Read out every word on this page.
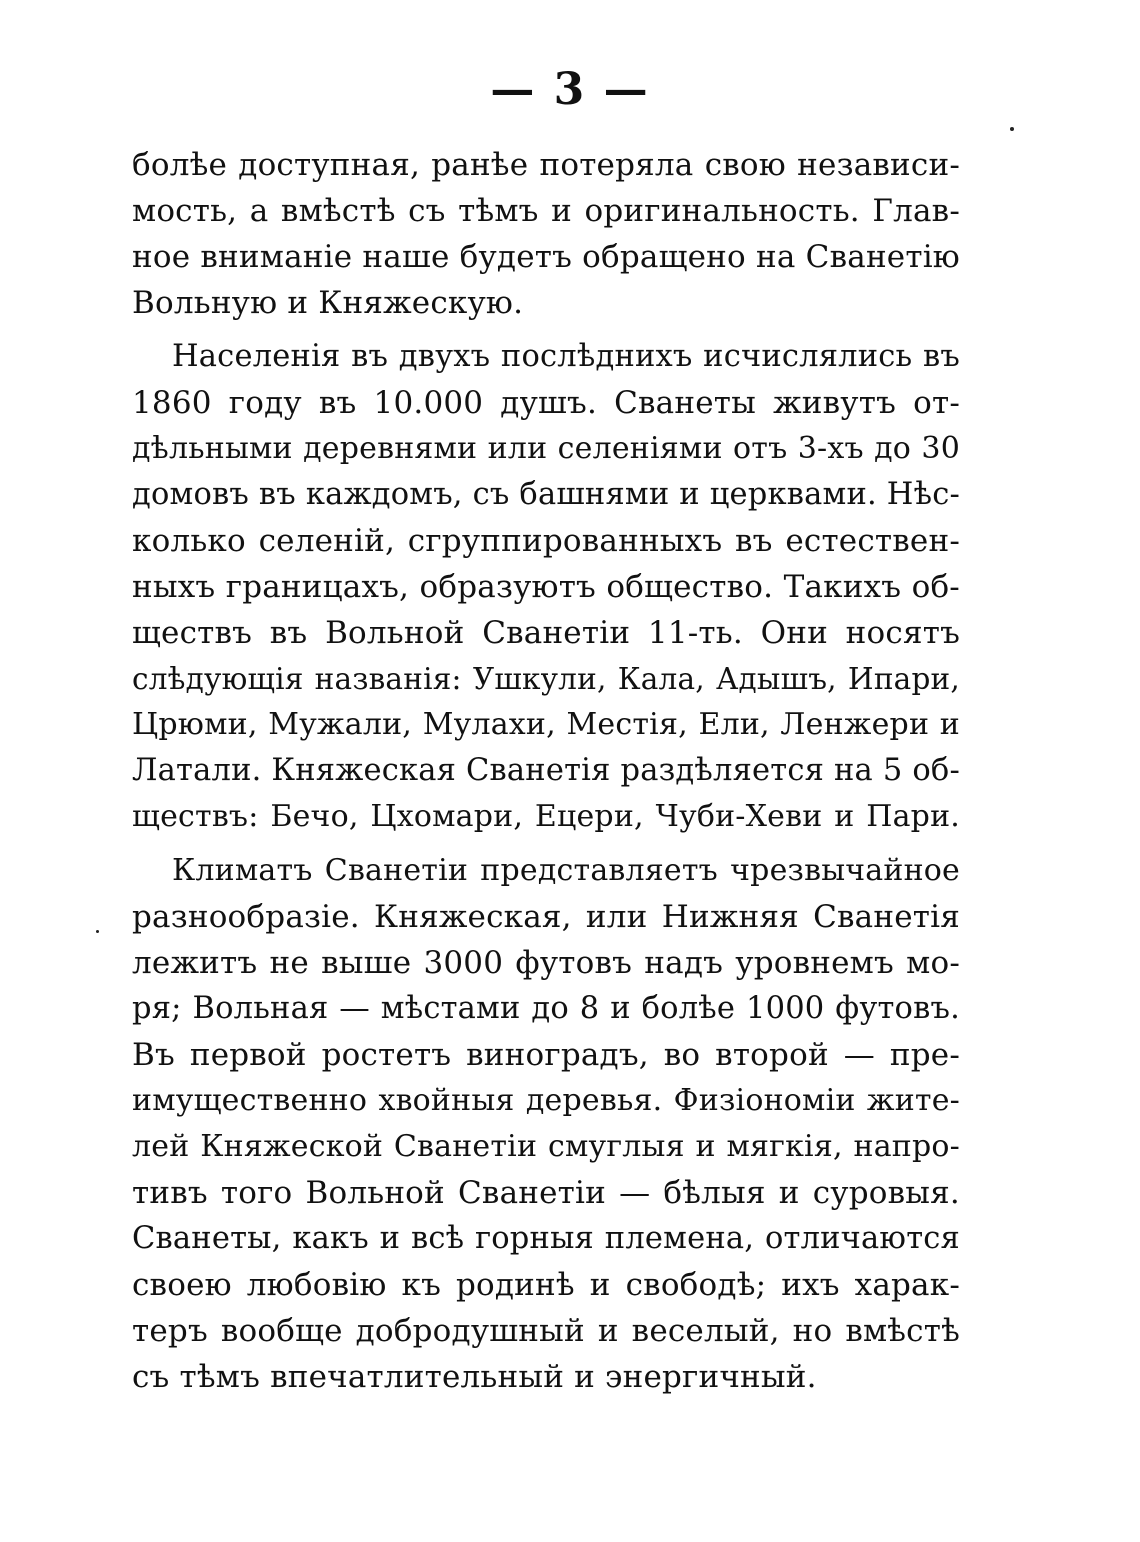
— 3 —
болѣе доступная, ранѣе потеряла свою независи-
мость, а вмѣстѣ съ тѣмъ и оригинальность. Глав-
ное вниманіе наше будетъ обращено на Сванетію
Вольную и Княжескую.
Населенія въ двухъ послѣднихъ исчислялись въ
1860 году въ 10.000 душъ. Сванеты живутъ от-
дѣльными деревнями или селеніями отъ 3-хъ до 30
домовъ въ каждомъ, съ башнями и церквами. Нѣс-
колько селеній, сгруппированныхъ въ естествен-
ныхъ границахъ, образуютъ общество. Такихъ об-
ществъ въ Вольной Сванетіи 11-ть. Они носятъ
слѣдующія названія: Ушкули, Кала, Адышъ, Ипари,
Црюми, Мужали, Мулахи, Местія, Ели, Ленжери и
Латали. Княжеская Сванетія раздѣляется на 5 об-
ществъ: Бечо, Цхомари, Ецери, Чуби-Хеви и Пари.
Климатъ Сванетіи представляетъ чрезвычайное
разнообразіе. Княжеская, или Нижняя Сванетія
лежитъ не выше 3000 футовъ надъ уровнемъ мо-
ря; Вольная — мѣстами до 8 и болѣе 1000 футовъ.
Въ первой ростетъ виноградъ, во второй — пре-
имущественно хвойныя деревья. Физіономіи жите-
лей Княжеской Сванетіи смуглыя и мягкія, напро-
тивъ того Вольной Сванетіи — бѣлыя и суровыя.
Сванеты, какъ и всѣ горныя племена, отличаются
своею любовію къ родинѣ и свободѣ; ихъ харак-
теръ вообще добродушный и веселый, но вмѣстѣ
съ тѣмъ впечатлительный и энергичный.
